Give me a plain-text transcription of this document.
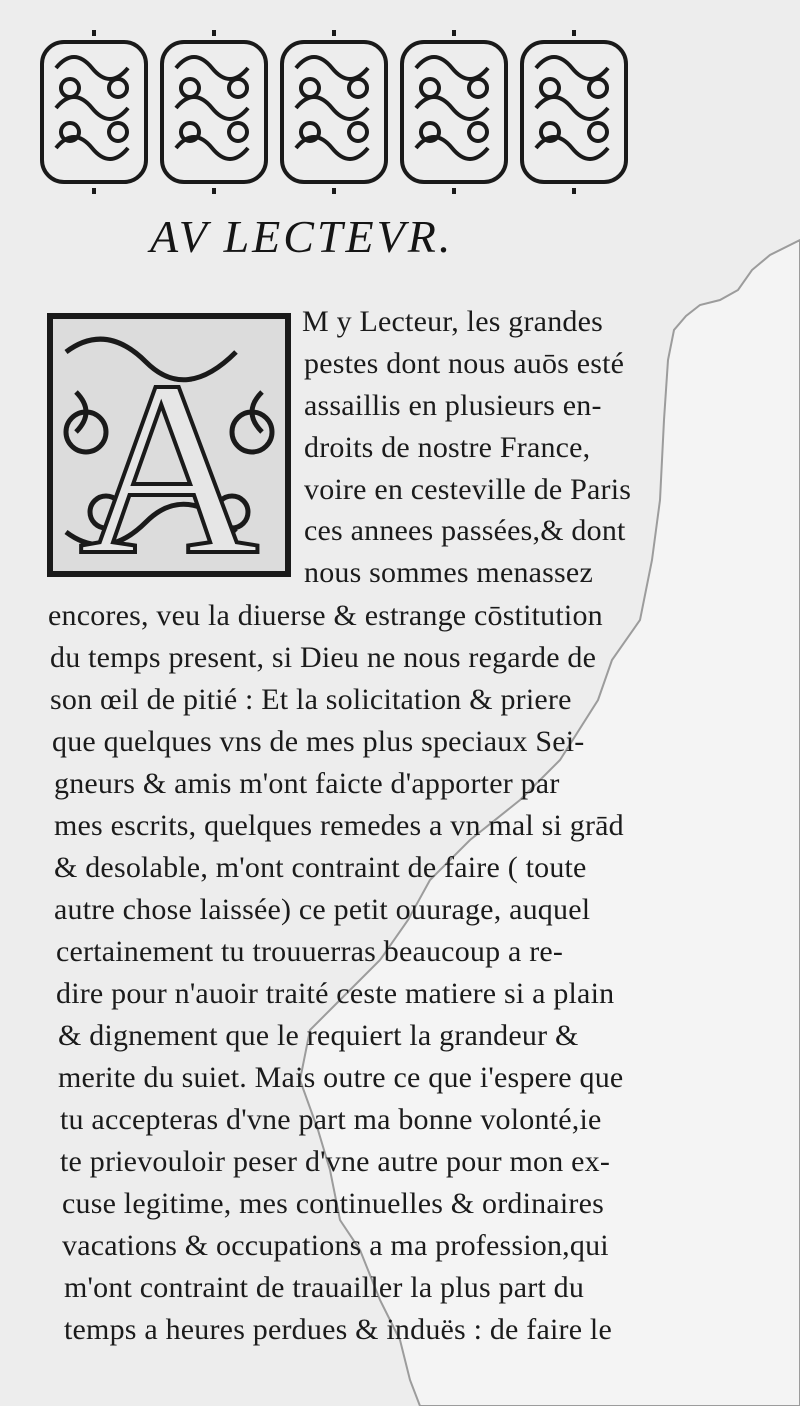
AV LECTEVR.
A
M y Lecteur, les grandes
pestes dont nous auōs esté
assaillis en plusieurs en-
droits de nostre France,
voire en cesteville de Paris
ces annees passées,& dont
nous sommes menassez
encores, veu la diuerse & estrange cōstitution
du temps present, si Dieu ne nous regarde de
son œil de pitié : Et la solicitation & priere
que quelques vns de mes plus speciaux Sei-
gneurs & amis m'ont faicte d'apporter par
mes escrits, quelques remedes a vn mal si grād
& desolable, m'ont contraint de faire ( toute
autre chose laissée) ce petit ouurage, auquel
certainement tu trouuerras beaucoup a re-
dire pour n'auoir traité ceste matiere si a plain
& dignement que le requiert la grandeur &
merite du suiet. Mais outre ce que i'espere que
tu accepteras d'vne part ma bonne volonté,ie
te prievouloir peser d'vne autre pour mon ex-
cuse legitime, mes continuelles & ordinaires
vacations & occupations a ma profession,qui
m'ont contraint de trauailler la plus part du
temps a heures perdues & induës : de faire le
